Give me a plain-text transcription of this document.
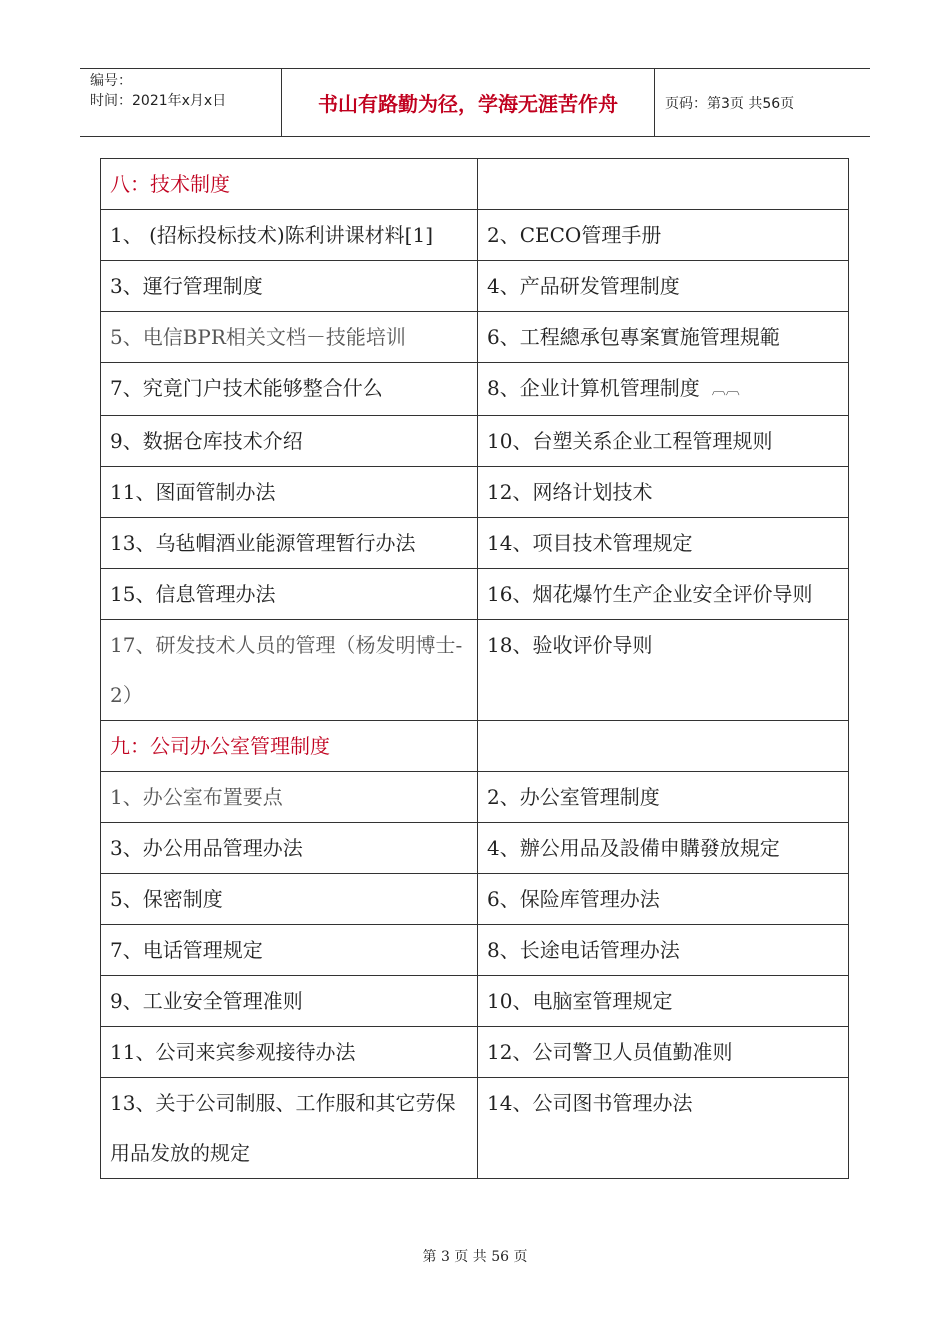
编号：
时间：2021年x月x日	书山有路勤为径，学海无涯苦作舟	页码：第3页 共56页
八：技术制度	
1、 (招标投标技术)陈利讲课材料[1]	2、CECO管理手册
3、運行管理制度	4、产品研发管理制度
5、电信BPR相关文档－技能培训	6、工程總承包專案實施管理規範
7、究竟门户技术能够整合什么	8、企业计算机管理制度 ︹︹
9、数据仓库技术介绍	10、台塑关系企业工程管理规则
11、图面管制办法	12、网络计划技术
13、乌毡帽酒业能源管理暂行办法	14、项目技术管理规定
15、信息管理办法	16、烟花爆竹生产企业安全评价导则
17、研发技术人员的管理（杨发明博士-2）	18、验收评价导则
九：公司办公室管理制度	
1、办公室布置要点	2、办公室管理制度
3、办公用品管理办法	4、辦公用品及設備申購發放規定
5、保密制度	6、保险库管理办法
7、电话管理规定	8、长途电话管理办法
9、工业安全管理准则	10、电脑室管理规定
11、公司来宾参观接待办法	12、公司警卫人员值勤准则
13、关于公司制服、工作服和其它劳保用品发放的规定	14、公司图书管理办法
第 3 页 共 56 页
